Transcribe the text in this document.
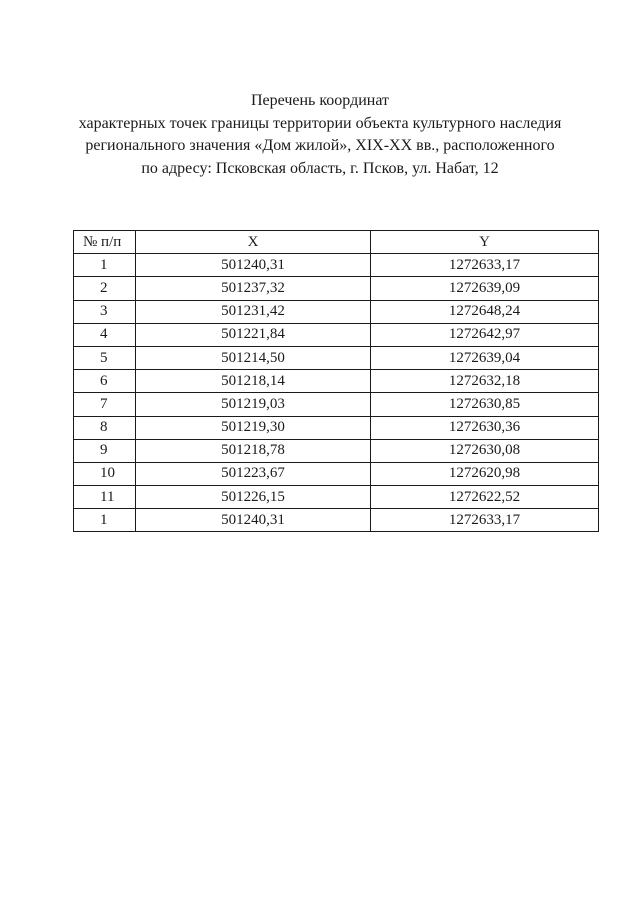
Перечень координат
характерных точек границы территории объекта культурного наследия
регионального значения «Дом жилой», XIX-XX вв., расположенного
по адресу: Псковская область, г. Псков, ул. Набат, 12
№ п/п	X	Y
1	501240,31	1272633,17
2	501237,32	1272639,09
3	501231,42	1272648,24
4	501221,84	1272642,97
5	501214,50	1272639,04
6	501218,14	1272632,18
7	501219,03	1272630,85
8	501219,30	1272630,36
9	501218,78	1272630,08
10	501223,67	1272620,98
11	501226,15	1272622,52
1	501240,31	1272633,17
